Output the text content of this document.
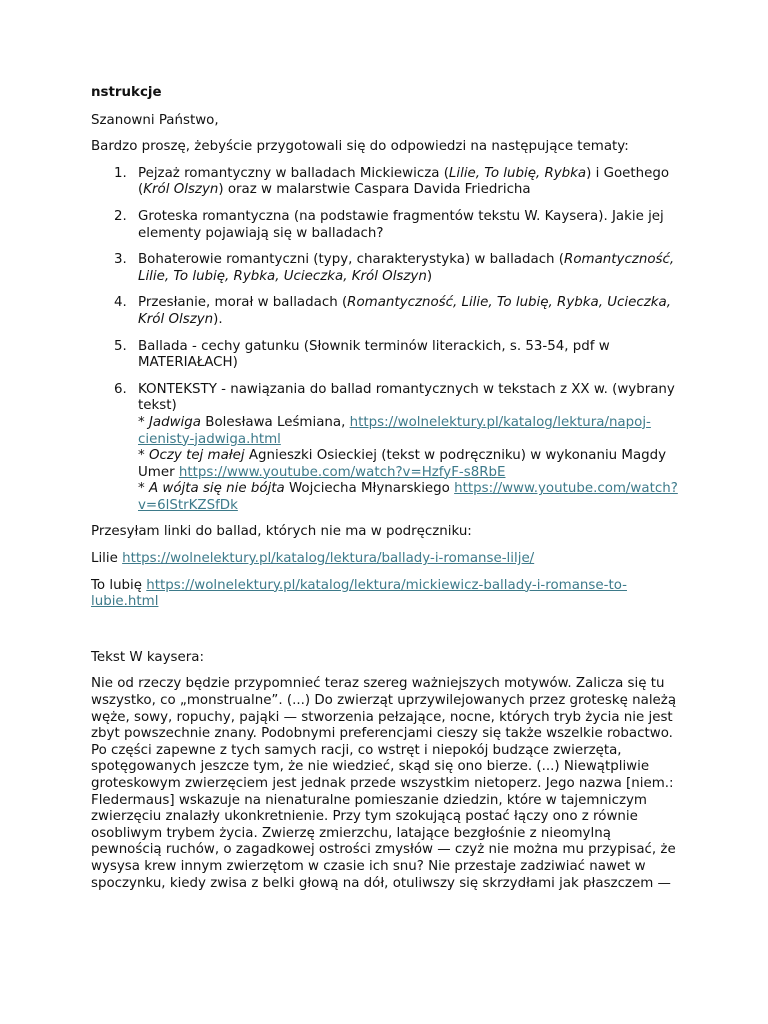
nstrukcje

Szanowni Państwo,

Bardzo proszę, żebyście przygotowali się do odpowiedzi na następujące tematy:

1. Pejzaż romantyczny w balladach Mickiewicza (Lilie, To lubię, Rybka) i Goethego (Król Olszyn) oraz w malarstwie Caspara Davida Friedricha
2. Groteska romantyczna (na podstawie fragmentów tekstu W. Kaysera). Jakie jej elementy pojawiają się w balladach?
3. Bohaterowie romantyczni (typy, charakterystyka) w balladach (Romantyczność, Lilie, To lubię, Rybka, Ucieczka, Król Olszyn)
4. Przesłanie, morał w balladach (Romantyczność, Lilie, To lubię, Rybka, Ucieczka, Król Olszyn).
5. Ballada - cechy gatunku (Słownik terminów literackich, s. 53-54, pdf w MATERIAŁACH)
6. KONTEKSTY - nawiązania do ballad romantycznych w tekstach z XX w. (wybrany tekst)
* Jadwiga Bolesława Leśmiana, https://wolnelektury.pl/katalog/lektura/napoj-cienisty-jadwiga.html
* Oczy tej małej Agnieszki Osieckiej (tekst w podręczniku) w wykonaniu Magdy Umer https://www.youtube.com/watch?v=HzfyF-s8RbE
* A wójta się nie bójta Wojciecha Młynarskiego https://www.youtube.com/watch?v=6lStrKZSfDk

Przesyłam linki do ballad, których nie ma w podręczniku:

Lilie https://wolnelektury.pl/katalog/lektura/ballady-i-romanse-lilje/

To lubię https://wolnelektury.pl/katalog/lektura/mickiewicz-ballady-i-romanse-to-lubie.html

Tekst W kaysera:

Nie od rzeczy będzie przypomnieć teraz szereg ważniejszych motywów. Zalicza się tu wszystko, co „monstrualne”. (...) Do zwierząt uprzywilejowanych przez groteskę należą węże, sowy, ropuchy, pająki — stworzenia pełzające, nocne, których tryb życia nie jest zbyt powszechnie znany. Podobnymi preferencjami cieszy się także wszelkie robactwo. Po części zapewne z tych samych racji, co wstręt i niepokój budzące zwierzęta, spotęgowanych jeszcze tym, że nie wiedzieć, skąd się ono bierze. (...) Niewątpliwie groteskowym zwierzęciem jest jednak przede wszystkim nietoperz. Jego nazwa [niem.: Fledermaus] wskazuje na nienaturalne pomieszanie dziedzin, które w tajemniczym zwierzęciu znalazły ukonkretnienie. Przy tym szokującą postać łączy ono z równie osobliwym trybem życia. Zwierzę zmierzchu, latające bezgłośnie z nieomylną pewnością ruchów, o zagadkowej ostrości zmysłów — czyż nie można mu przypisać, że wysysa krew innym zwierzętom w czasie ich snu? Nie przestaje zadziwiać nawet w spoczynku, kiedy zwisa z belki głową na dół, otuliwszy się skrzydłami jak płaszczem —
